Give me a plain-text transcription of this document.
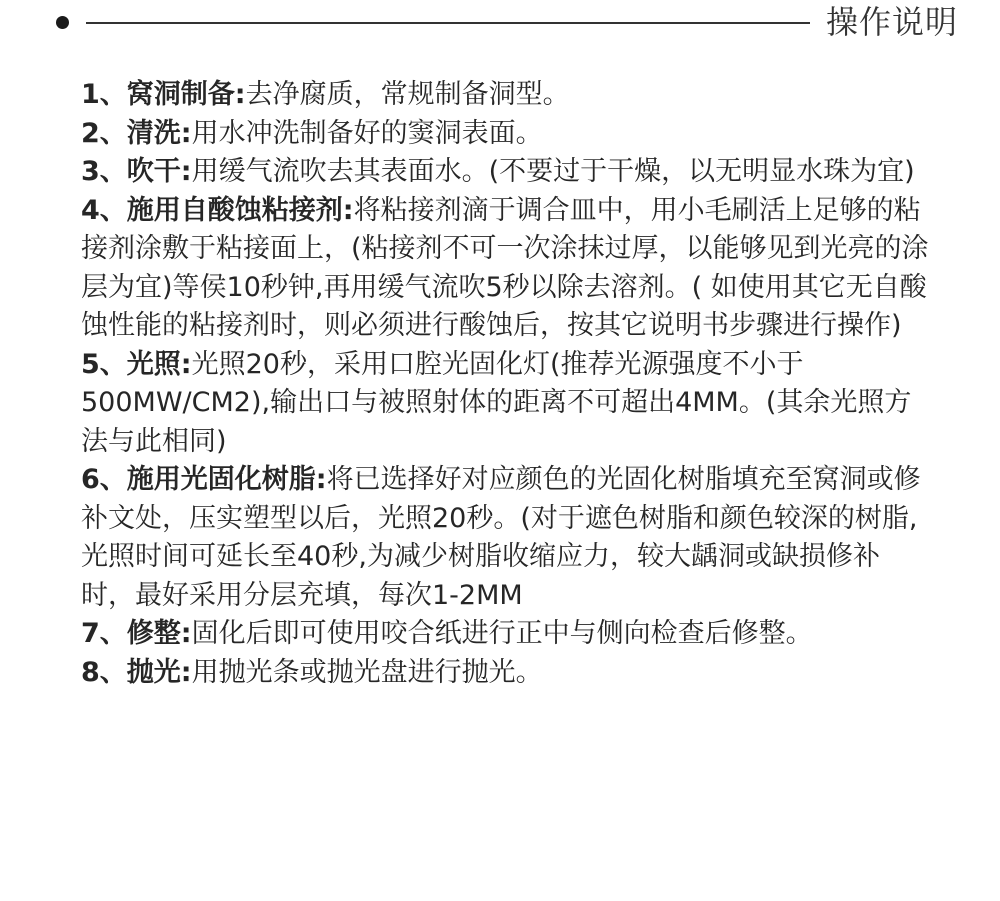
操作说明

1、窝洞制备:去净腐质，常规制备洞型。

2、清洗:用水冲洗制备好的窦洞表面。

3、吹干:用缓气流吹去其表面水。(不要过于干燥，以无明显水珠为宜)

4、施用自酸蚀粘接剂:将粘接剂滴于调合皿中，用小毛刷活上足够的粘接剂涂敷于粘接面上，(粘接剂不可一次涂抹过厚，以能够见到光亮的涂层为宜)等侯10秒钟,再用缓气流吹5秒以除去溶剂。( 如使用其它无自酸蚀性能的粘接剂时，则必须进行酸蚀后，按其它说明书步骤进行操作)

5、光照:光照20秒，采用口腔光固化灯(推荐光源强度不小于500MW/CM2),输出口与被照射体的距离不可超出4MM。(其余光照方法与此相同)

6、施用光固化树脂:将已选择好对应颜色的光固化树脂填充至窝洞或修补文处，压实塑型以后，光照20秒。(对于遮色树脂和颜色较深的树脂,光照时间可延长至40秒,为减少树脂收缩应力，较大龋洞或缺损修补时，最好采用分层充填，每次1-2MM

7、修整:固化后即可使用咬合纸进行正中与侧向检查后修整。

8、抛光:用抛光条或抛光盘进行抛光。
